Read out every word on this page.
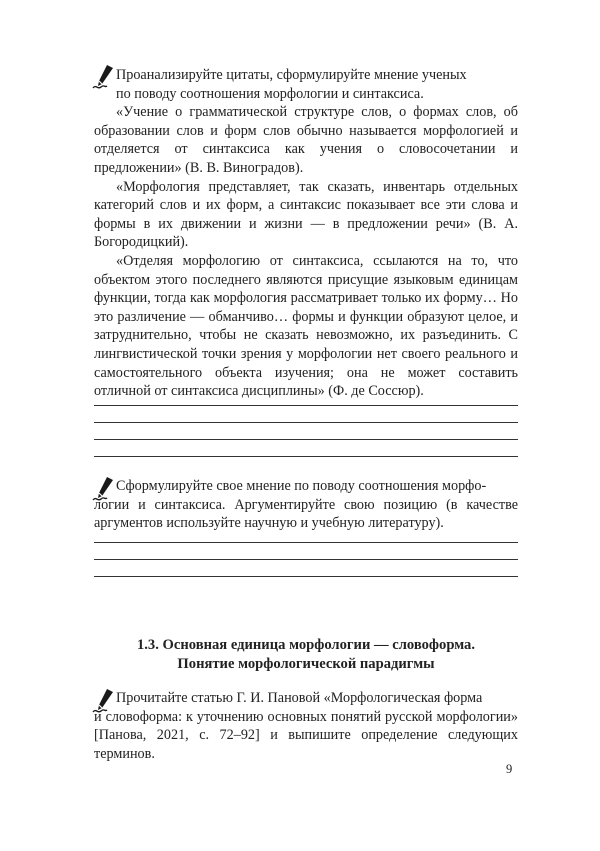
Проанализируйте цитаты, сформулируйте мнение ученых

по поводу соотношения морфологии и синтаксиса.

«Учение о грамматической структуре слов, о формах слов, об образовании слов и форм слов обычно называется морфологией и отделяется от синтаксиса как учения о словосочетании и предложении» (В. В. Виноградов).

«Морфология представляет, так сказать, инвентарь отдельных категорий слов и их форм, а синтаксис показывает все эти слова и формы в их движении и жизни — в предложении речи» (В. А. Богородицкий).

«Отделяя морфологию от синтаксиса, ссылаются на то, что объектом этого последнего являются присущие языковым единицам функции, тогда как морфология рассматривает только их форму… Но это различение — обманчиво… формы и функции образуют целое, и затруднительно, чтобы не сказать невозможно, их разъединить. С лингвистической точки зрения у морфологии нет своего реального и самостоятельного объекта изучения; она не может составить отличной от синтаксиса дисциплины» (Ф. де Соссюр).

Сформулируйте свое мнение по поводу соотношения морфо-

логии и синтаксиса. Аргументируйте свою позицию (в качестве аргументов используйте научную и учебную литературу).

1.3. Основная единица морфологии — словоформа.

Понятие морфологической парадигмы

Прочитайте статью Г. И. Пановой «Морфологическая форма

и словоформа: к уточнению основных понятий русской морфологии» [Панова, 2021, с. 72–92] и выпишите определение следующих терминов.

9
